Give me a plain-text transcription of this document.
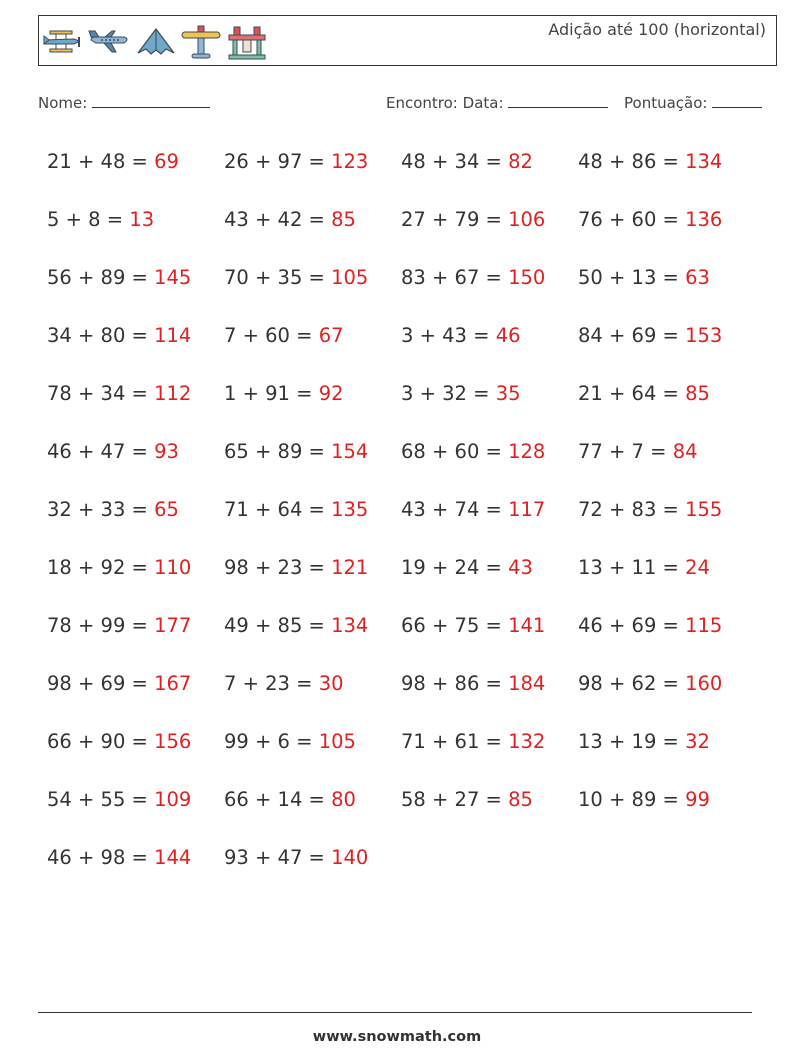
Adição até 100 (horizontal)
Nome:	Encontro: Data:	Pontuação:
21 + 48 = 69
5 + 8 = 13
56 + 89 = 145
34 + 80 = 114
78 + 34 = 112
46 + 47 = 93
32 + 33 = 65
18 + 92 = 110
78 + 99 = 177
98 + 69 = 167
66 + 90 = 156
54 + 55 = 109
46 + 98 = 144
26 + 97 = 123
43 + 42 = 85
70 + 35 = 105
7 + 60 = 67
1 + 91 = 92
65 + 89 = 154
71 + 64 = 135
98 + 23 = 121
49 + 85 = 134
7 + 23 = 30
99 + 6 = 105
66 + 14 = 80
93 + 47 = 140
48 + 34 = 82
27 + 79 = 106
83 + 67 = 150
3 + 43 = 46
3 + 32 = 35
68 + 60 = 128
43 + 74 = 117
19 + 24 = 43
66 + 75 = 141
98 + 86 = 184
71 + 61 = 132
58 + 27 = 85
48 + 86 = 134
76 + 60 = 136
50 + 13 = 63
84 + 69 = 153
21 + 64 = 85
77 + 7 = 84
72 + 83 = 155
13 + 11 = 24
46 + 69 = 115
98 + 62 = 160
13 + 19 = 32
10 + 89 = 99
www.snowmath.com
